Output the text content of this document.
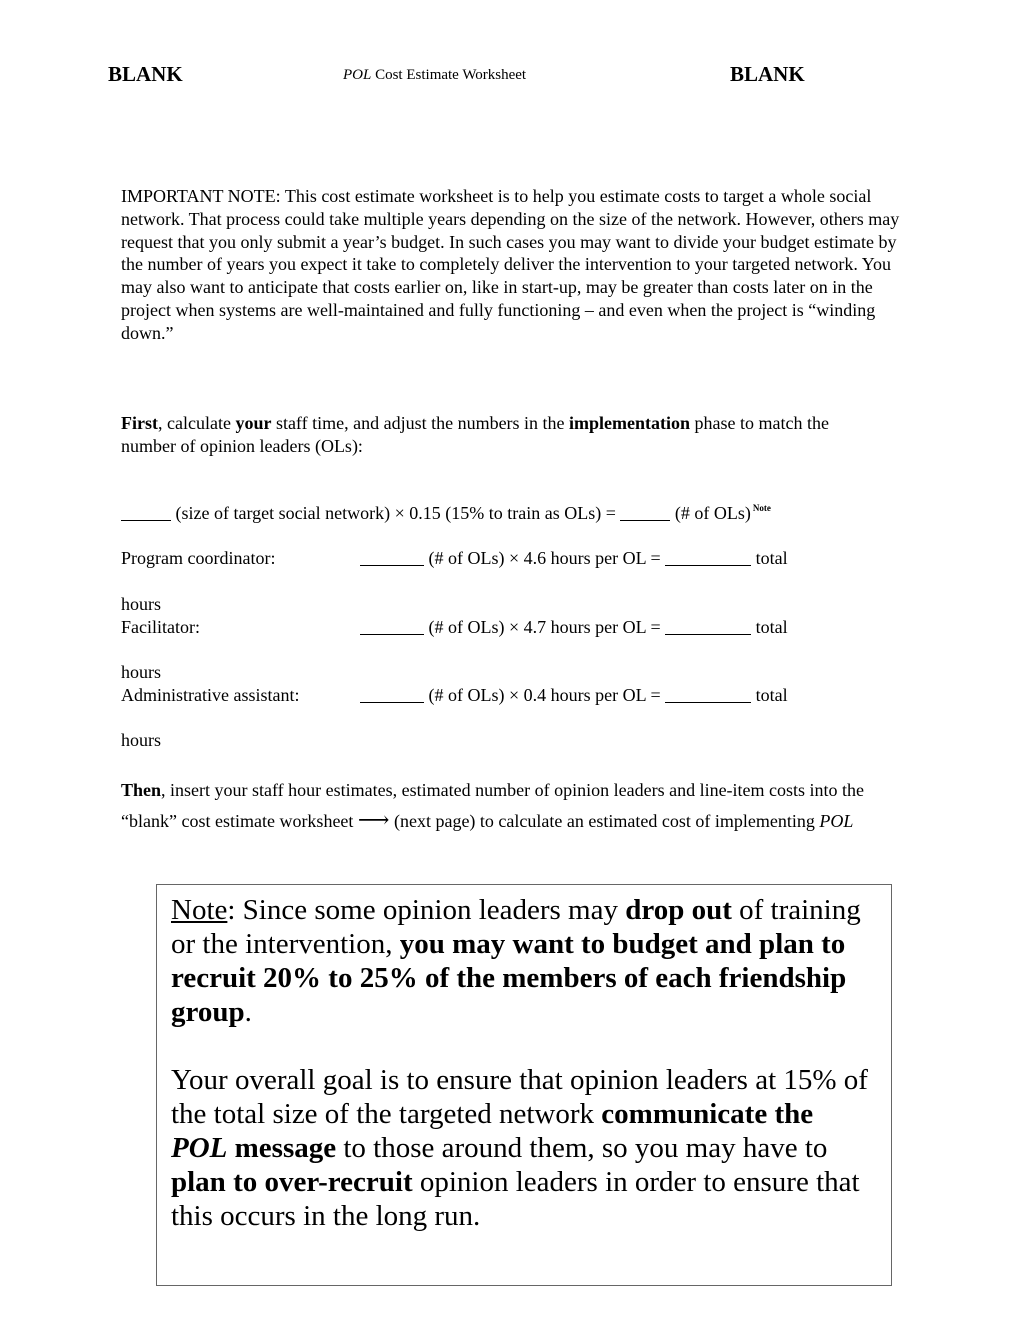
BLANK	POL Cost Estimate Worksheet	BLANK
IMPORTANT NOTE: This cost estimate worksheet is to help you estimate costs to target a whole social network. That process could take multiple years depending on the size of the network. However, others may request that you only submit a year’s budget. In such cases you may want to divide your budget estimate by the number of years you expect it take to completely deliver the intervention to your targeted network. You may also want to anticipate that costs earlier on, like in start-up, may be greater than costs later on in the project when systems are well-maintained and fully functioning – and even when the project is “winding down.”
First, calculate your staff time, and adjust the numbers in the implementation phase to match the number of opinion leaders (OLs):
(size of target social network) × 0.15 (15% to train as OLs) =	(# of OLs) $^{Note}$
Program coordinator:	(# of OLs) × 4.6 hours per OL =	total
hours
Facilitator:	(# of OLs) × 4.7 hours per OL =	total
hours
Administrative assistant:	(# of OLs) × 0.4 hours per OL =	total
hours
Then, insert your staff hour estimates, estimated number of opinion leaders and line-item costs into the “blank” cost estimate worksheet ⟶ (next page) to calculate an estimated cost of implementing POL
Note: Since some opinion leaders may drop out of training or the intervention, you may want to budget and plan to recruit 20% to 25% of the members of each friendship group.
Your overall goal is to ensure that opinion leaders at 15% of the total size of the targeted network communicate the POL message to those around them, so you may have to plan to over-recruit opinion leaders in order to ensure that this occurs in the long run.
